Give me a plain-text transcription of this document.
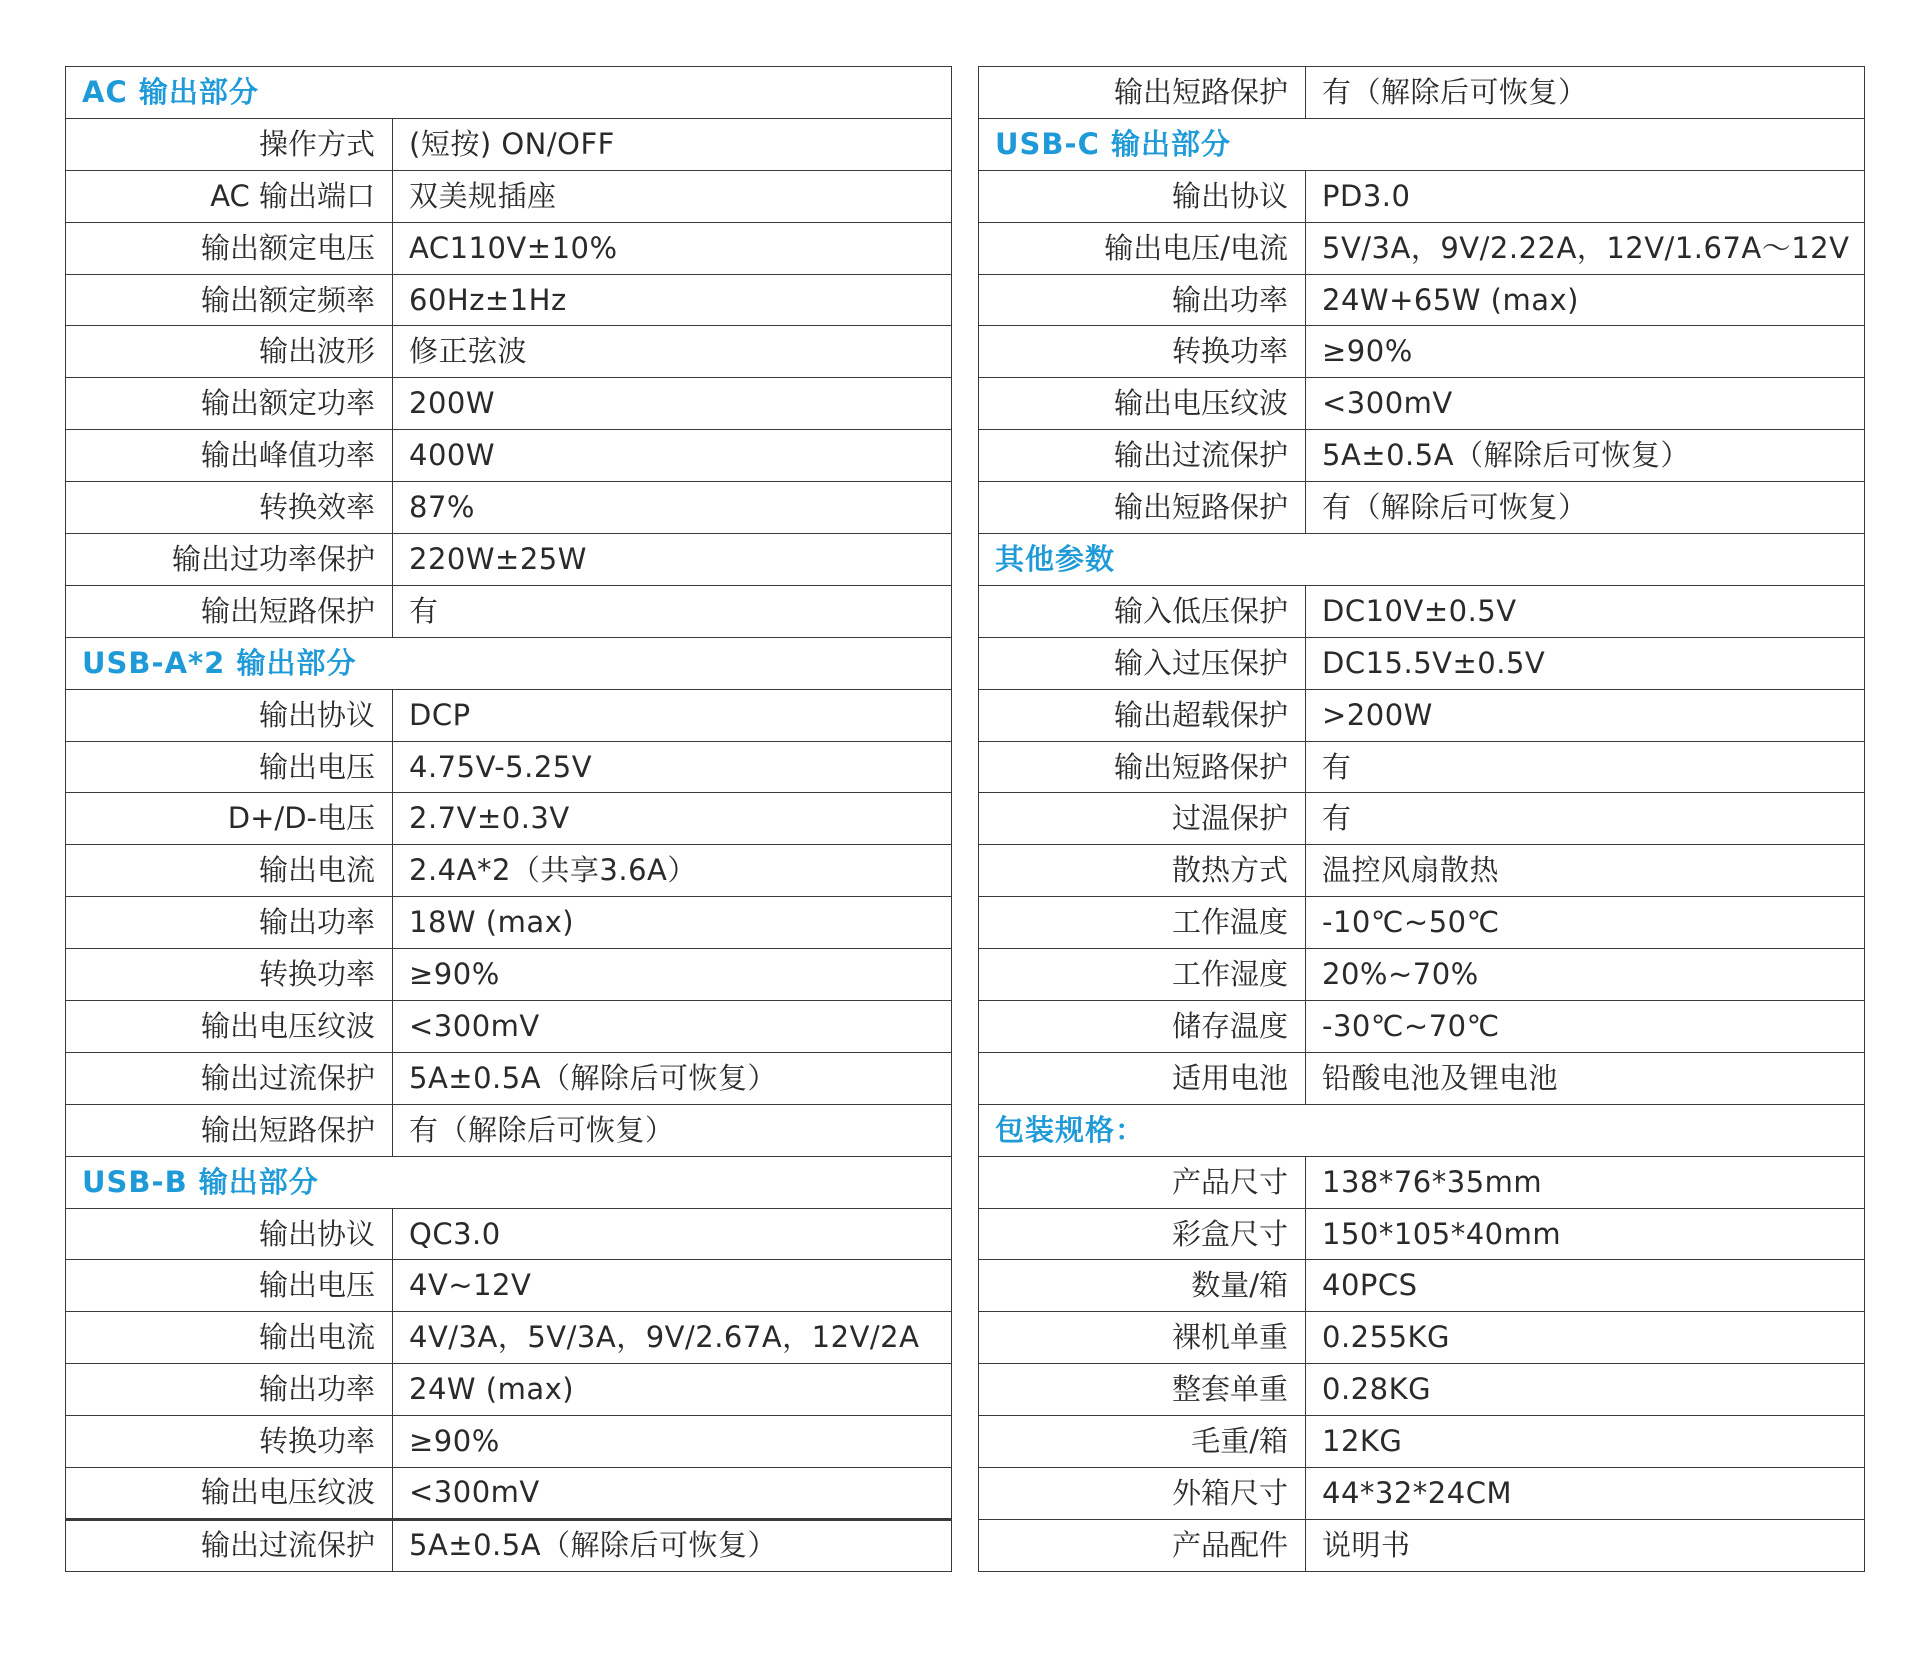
AC 输出部分	
操作方式	(短按) ON/OFF
AC 输出端口	双美规插座
输出额定电压	AC110V±10%
输出额定频率	60Hz±1Hz
输出波形	修正弦波
输出额定功率	200W
输出峰值功率	400W
转换效率	87%
输出过功率保护	220W±25W
输出短路保护	有
USB-A*2 输出部分	
输出协议	DCP
输出电压	4.75V-5.25V
D+/D-电压	2.7V±0.3V
输出电流	2.4A*2（共享3.6A）
输出功率	18W (max)
转换功率	≥90%
输出电压纹波	<300mV
输出过流保护	5A±0.5A（解除后可恢复）
输出短路保护	有（解除后可恢复）
USB-B 输出部分	
输出协议	QC3.0
输出电压	4V~12V
输出电流	4V/3A，5V/3A，9V/2.67A，12V/2A
输出功率	24W (max)
转换功率	≥90%
输出电压纹波	<300mV
输出过流保护	5A±0.5A（解除后可恢复）
输出短路保护	有（解除后可恢复）
USB-C 输出部分	
输出协议	PD3.0
输出电压/电流	5V/3A，9V/2.22A，12V/1.67A～12V
输出功率	24W+65W (max)
转换功率	≥90%
输出电压纹波	<300mV
输出过流保护	5A±0.5A（解除后可恢复）
输出短路保护	有（解除后可恢复）
其他参数	
输入低压保护	DC10V±0.5V
输入过压保护	DC15.5V±0.5V
输出超载保护	>200W
输出短路保护	有
过温保护	有
散热方式	温控风扇散热
工作温度	-10℃~50℃
工作湿度	20%~70%
储存温度	-30℃~70℃
适用电池	铅酸电池及锂电池
包装规格：	
产品尺寸	138*76*35mm
彩盒尺寸	150*105*40mm
数量/箱	40PCS
裸机单重	0.255KG
整套单重	0.28KG
毛重/箱	12KG
外箱尺寸	44*32*24CM
产品配件	说明书
